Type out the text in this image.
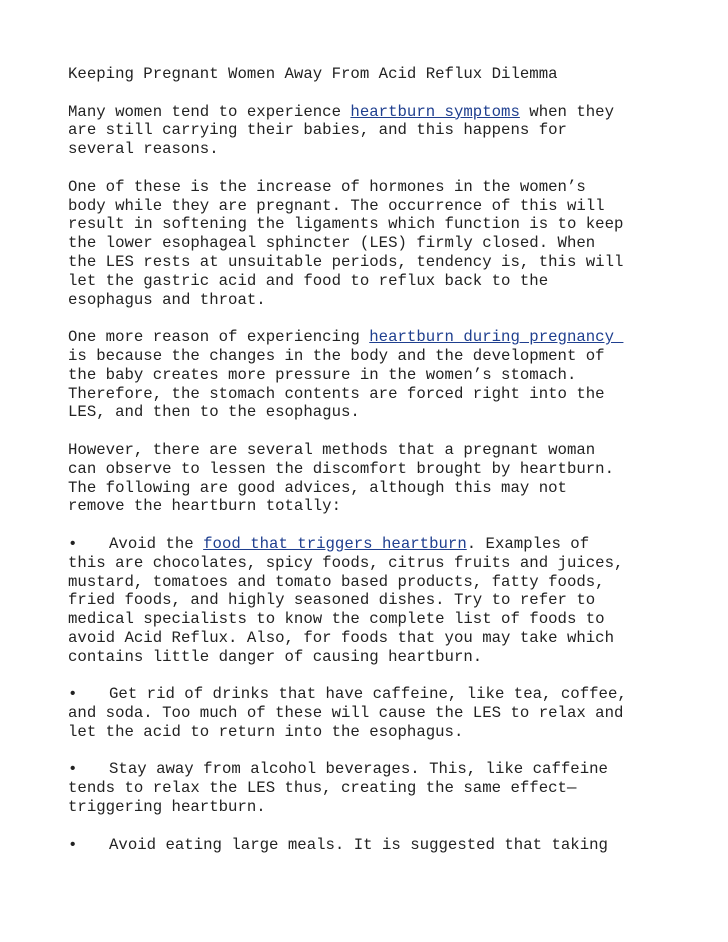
Keeping Pregnant Women Away From Acid Reflux Dilemma

Many women tend to experience heartburn symptoms when they
are still carrying their babies, and this happens for
several reasons.

One of these is the increase of hormones in the women’s
body while they are pregnant. The occurrence of this will
result in softening the ligaments which function is to keep
the lower esophageal sphincter (LES) firmly closed. When
the LES rests at unsuitable periods, tendency is, this will
let the gastric acid and food to reflux back to the
esophagus and throat.

One more reason of experiencing heartburn during pregnancy
is because the changes in the body and the development of
the baby creates more pressure in the women’s stomach.
Therefore, the stomach contents are forced right into the
LES, and then to the esophagus.

However, there are several methods that a pregnant woman
can observe to lessen the discomfort brought by heartburn.
The following are good advices, although this may not
remove the heartburn totally:

• Avoid the food that triggers heartburn. Examples of
this are chocolates, spicy foods, citrus fruits and juices,
mustard, tomatoes and tomato based products, fatty foods,
fried foods, and highly seasoned dishes. Try to refer to
medical specialists to know the complete list of foods to
avoid Acid Reflux. Also, for foods that you may take which
contains little danger of causing heartburn.

• Get rid of drinks that have caffeine, like tea, coffee,
and soda. Too much of these will cause the LES to relax and
let the acid to return into the esophagus.

• Stay away from alcohol beverages. This, like caffeine
tends to relax the LES thus, creating the same effect—
triggering heartburn.

• Avoid eating large meals. It is suggested that taking
